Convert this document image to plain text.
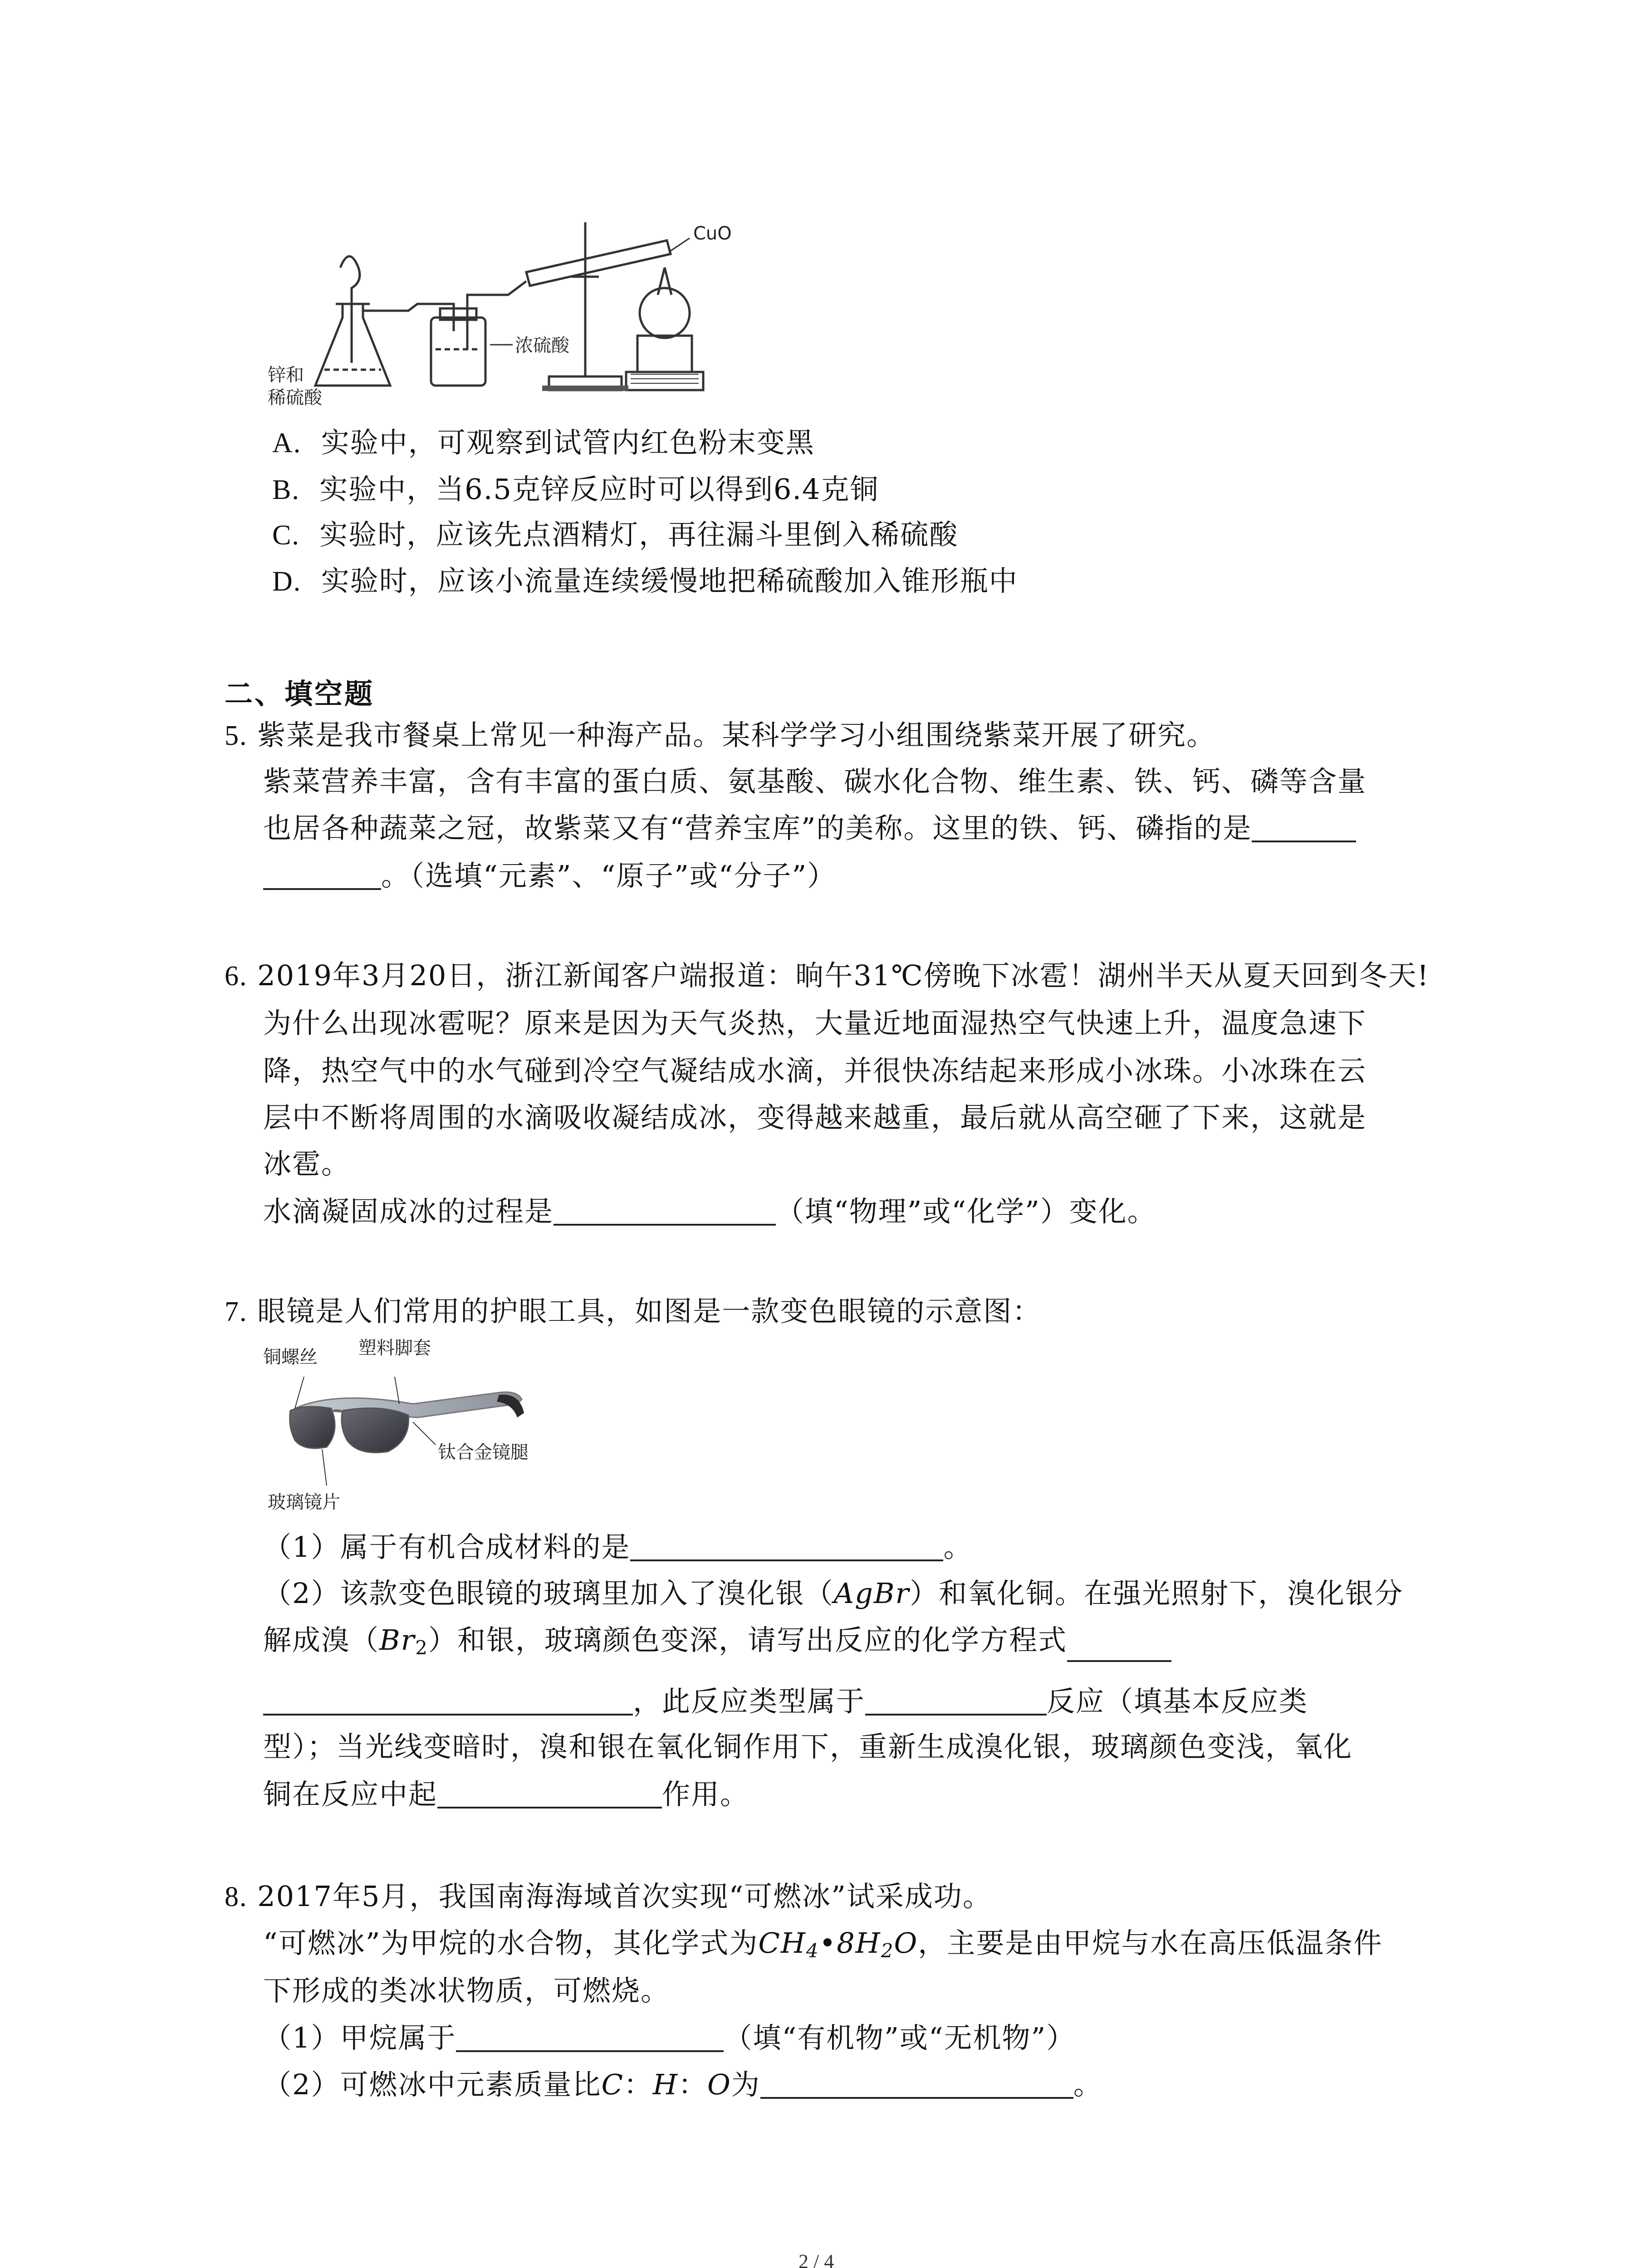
CuO
浓硫酸
锌和
稀硫酸
A. 实验中，可观察到试管内红色粉末变黑
B. 实验中，当6.5克锌反应时可以得到6.4克铜
C. 实验时，应该先点酒精灯，再往漏斗里倒入稀硫酸
D. 实验时，应该小流量连续缓慢地把稀硫酸加入锥形瓶中
二、填空题
5. 紫菜是我市餐桌上常见一种海产品。某科学学习小组围绕紫菜开展了研究。
紫菜营养丰富，含有丰富的蛋白质、氨基酸、碳水化合物、维生素、铁、钙、磷等含量
也居各种蔬菜之冠，故紫菜又有“营养宝库”的美称。这里的铁、钙、磷指的是
。（选填“元素”、“原子”或“分子”）
6. 2019年3月20日，浙江新闻客户端报道：晌午31℃傍晚下冰雹！湖州半天从夏天回到冬天!
为什么出现冰雹呢？原来是因为天气炎热，大量近地面湿热空气快速上升，温度急速下
降，热空气中的水气碰到冷空气凝结成水滴，并很快冻结起来形成小冰珠。小冰珠在云
层中不断将周围的水滴吸收凝结成冰，变得越来越重，最后就从高空砸了下来，这就是
冰雹。
水滴凝固成冰的过程是	（填“物理”或“化学”）变化。
7. 眼镜是人们常用的护眼工具，如图是一款变色眼镜的示意图：
铜螺丝 塑料脚套
钛合金镜腿
玻璃镜片
（1）属于有机合成材料的是	。
（2）该款变色眼镜的玻璃里加入了溴化银（AgBr）和氧化铜。在强光照射下，溴化银分
解成溴$(Br_2)$和银，玻璃颜色变深，请写出反应的化学方程式
，此反应类型属于	反应（填基本反应类
型）；当光线变暗时，溴和银在氧化铜作用下，重新生成溴化银，玻璃颜色变浅，氧化
铜在反应中起	作用。
8. 2017年5月，我国南海海域首次实现“可燃冰”试采成功。
“可燃冰”为甲烷的水合物，其化学式为$CH_4•8H_2O$，主要是由甲烷与水在高压低温条件
下形成的类冰状物质，可燃烧。
（1）甲烷属于	（填“有机物”或“无机物”）
（2）可燃冰中元素质量比C：H：O为	。
2 / 4
